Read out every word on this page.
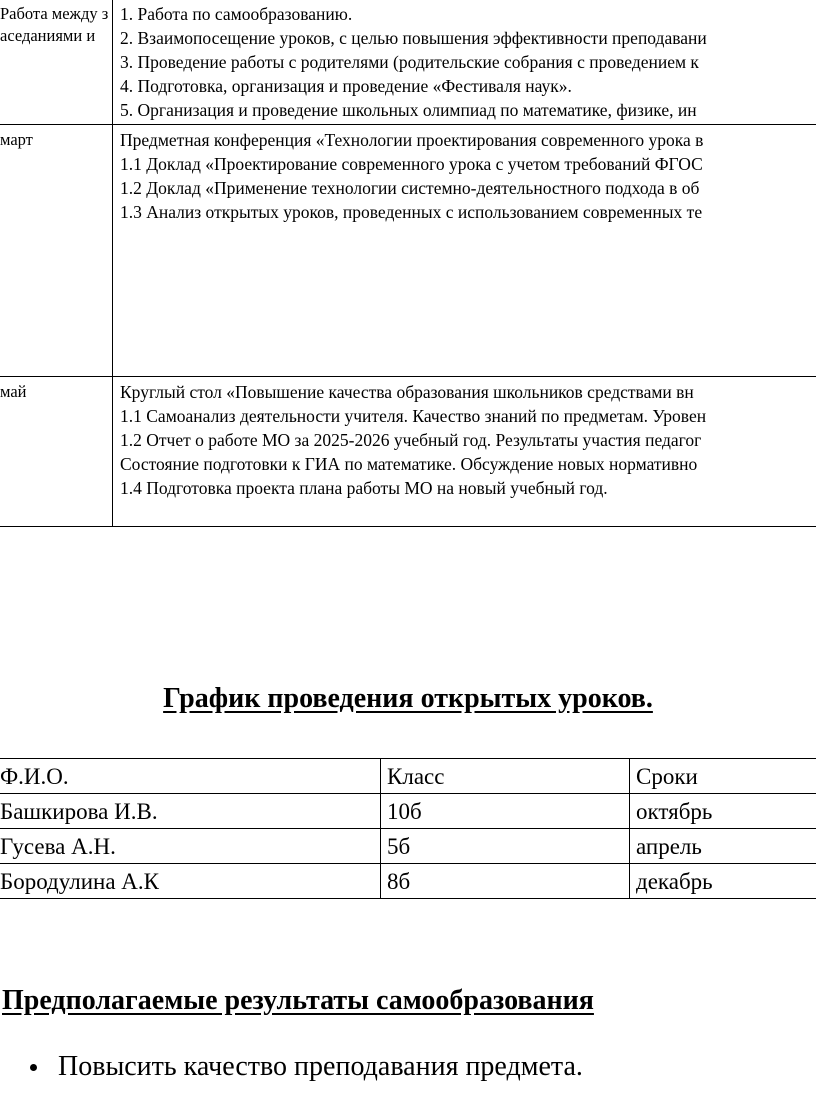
Работа между заседаниями и	1. Работа по самообразованию.
2. Взаимопосещение уроков, с целью повышения эффективности преподавани
3. Проведение работы с родителями (родительские собрания с проведением к
4. Подготовка, организация и проведение «Фестиваля наук».
5. Организация и проведение школьных олимпиад по математике, физике, ин

март	Предметная конференция «Технологии проектирования современного урока в
1.1 Доклад «Проектирование современного урока с учетом требований ФГОС
1.2 Доклад «Применение технологии системно-деятельностного подхода в об
1.3 Анализ открытых уроков, проведенных с использованием современных те

май	Круглый стол «Повышение качества образования школьников средствами вн
1.1 Самоанализ деятельности учителя. Качество знаний по предметам. Уровен
1.2 Отчет о работе МО за 2025-2026 учебный год. Результаты участия педагог
Состояние подготовки к ГИА по математике. Обсуждение новых нормативно
1.4 Подготовка проекта плана работы МО на новый учебный год.
График проведения открытых уроков.
Ф.И.О.	Класс	Сроки
Башкирова И.В.	10б	октябрь
Гусева А.Н.	5б	апрель
Бородулина А.К	8б	декабрь
Предполагаемые результаты самообразования
Повысить качество преподавания предмета.
